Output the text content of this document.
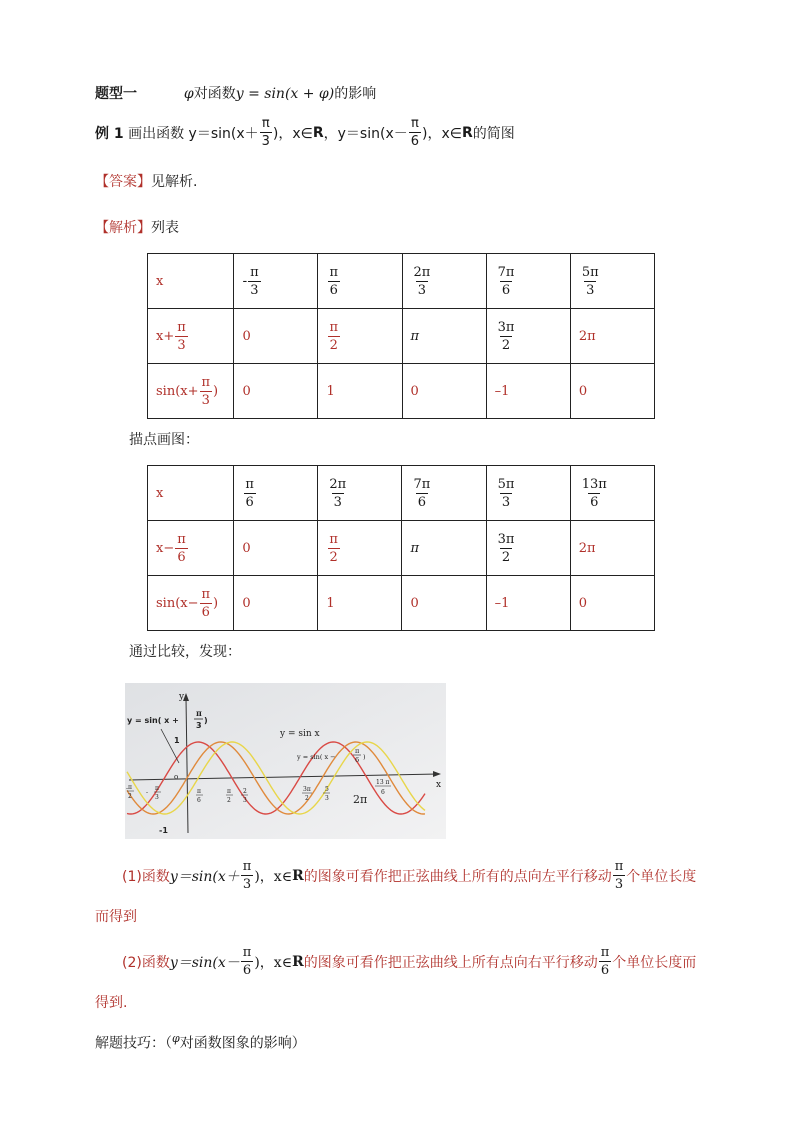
题型一	φ对函数y = sin(x + φ)的影响
例 1
画出函数 $y=\sin(x+ \frac{\pi}{3}$ )，x∈ R ，$y=\sin(x- \frac{\pi}{6}$ )，x∈ R 的简图
【答案】见解析.
【解析】列表
x	- $\frac{\pi}{3}$	$\frac{\pi}{6}$	$\frac{2\pi}{3}$	$\frac{7\pi}{6}$	$\frac{5\pi}{3}$

$x+ \frac{\pi}{3}$	0	$\frac{\pi}{2}$	π	$\frac{3\pi}{2}$	2π
$\sin(x+ \frac{\pi}{3}$ )	0	1	0	–1	0
描点画图：
x	$\frac{\pi}{6}$	$\frac{2\pi}{3}$	$\frac{7\pi}{6}$	$\frac{5\pi}{3}$	$\frac{13\pi}{6}$

$x- \frac{\pi}{6}$	0	$\frac{\pi}{2}$	π	$\frac{3\pi}{2}$	2π
$\sin(x- \frac{\pi}{6}$ )	0	1	0	–1	0
通过比较，发现：
y = sin( x +
π
3
)
y = sin x
y = sin( x −
π
6 )
x
y
o
1
-1
2π
- π
2
-
π
3
π
6
π
2
2
3
3π
2
5
3
13 π
6
(1)函数 $y=\sin(x+ \frac{\pi}{3}$ )，x∈ R 的图象可看作把正弦曲线上所有的点向左平行移动 $\frac{\pi}{3}$ 个单位长度
而得到
(2)函数 $y=\sin(x- \frac{\pi}{6}$ )，x∈ R 的图象可看作把正弦曲线上所有点向右平行移动 $\frac{\pi}{6}$ 个单位长度而
得到.
解题技巧：（$^\varphi$对函数图象的影响）
